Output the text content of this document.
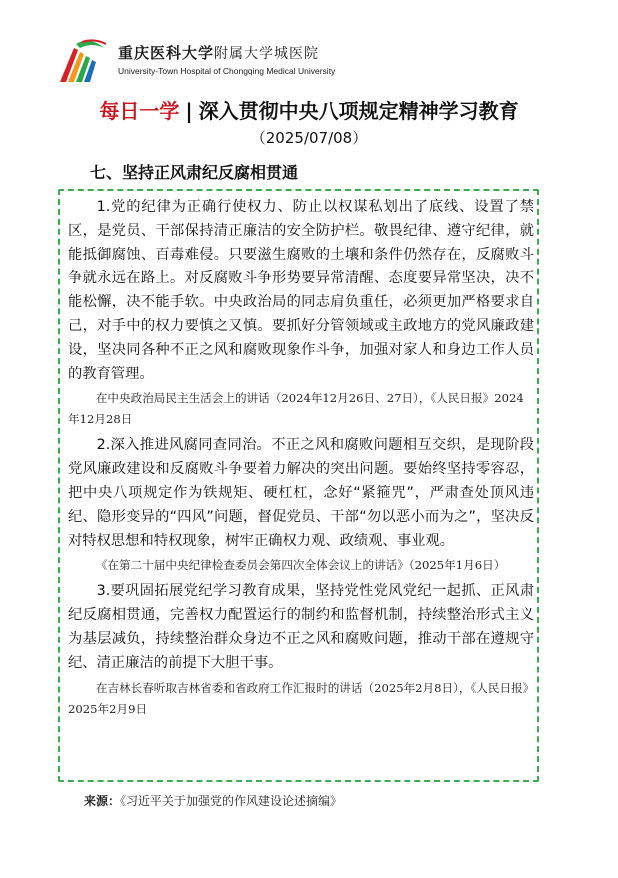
重庆医科大学附属大学城医院
University-Town Hospital of Chongqing Medical University
每日一学 | 深入贯彻中央八项规定精神学习教育
（2025/07/08）
七、坚持正风肃纪反腐相贯通

1.党的纪律为正确行使权力、防止以权谋私划出了底线、设置了禁区，是党员、干部保持清正廉洁的安全防护栏。敬畏纪律、遵守纪律，就能抵御腐蚀、百毒难侵。只要滋生腐败的土壤和条件仍然存在，反腐败斗争就永远在路上。对反腐败斗争形势要异常清醒、态度要异常坚决，决不能松懈，决不能手软。中央政治局的同志肩负重任，必须更加严格要求自己，对手中的权力要慎之又慎。要抓好分管领域或主政地方的党风廉政建设，坚决同各种不正之风和腐败现象作斗争，加强对家人和身边工作人员的教育管理。

在中央政治局民主生活会上的讲话（2024年12月26日、27日），《人民日报》2024年12月28日

2.深入推进风腐同查同治。不正之风和腐败问题相互交织，是现阶段党风廉政建设和反腐败斗争要着力解决的突出问题。要始终坚持零容忍，把中央八项规定作为铁规矩、硬杠杠，念好“紧箍咒”，严肃查处顶风违纪、隐形变异的“四风”问题，督促党员、干部“勿以恶小而为之”，坚决反对特权思想和特权现象，树牢正确权力观、政绩观、事业观。

《在第二十届中央纪律检查委员会第四次全体会议上的讲话》（2025年1月6日）

3.要巩固拓展党纪学习教育成果，坚持党性党风党纪一起抓、正风肃纪反腐相贯通，完善权力配置运行的制约和监督机制，持续整治形式主义为基层减负，持续整治群众身边不正之风和腐败问题，推动干部在遵规守纪、清正廉洁的前提下大胆干事。

在吉林长春听取吉林省委和省政府工作汇报时的讲话（2025年2月8日），《人民日报》2025年2月9日

来源：《习近平关于加强党的作风建设论述摘编》
